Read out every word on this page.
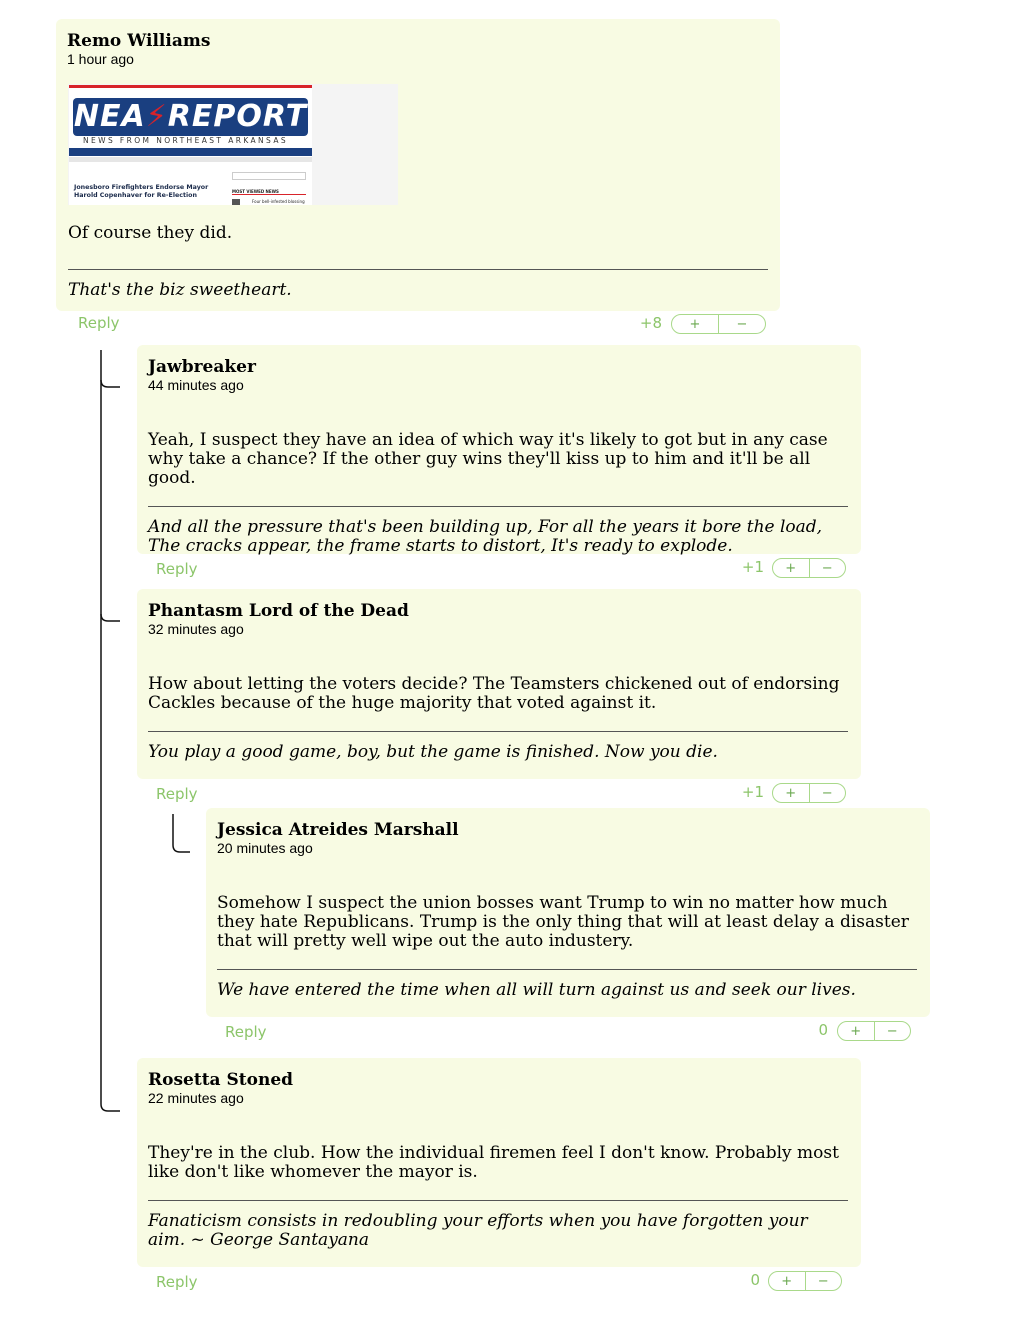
Remo Williams
1 hour ago
NEA⚡REPORT
NEWS FROM NORTHEAST ARKANSAS
Jonesboro Firefighters Endorse Mayor Harold Copenhaver for Re-Election
MOST VIEWED NEWS
Four bell-infested blossing
Of course they did.
That's the biz sweetheart.
Reply	+8	+	−
Jawbreaker
44 minutes ago
Yeah, I suspect they have an idea of which way it's likely to got but in any case why take a chance? If the other guy wins they'll kiss up to him and it'll be all good.
And all the pressure that's been building up, For all the years it bore the load, The cracks appear, the frame starts to distort, It's ready to explode.
Reply	+1	+	−
Phantasm Lord of the Dead
32 minutes ago
How about letting the voters decide? The Teamsters chickened out of endorsing Cackles because of the huge majority that voted against it.
You play a good game, boy, but the game is finished. Now you die.
Reply	+1	+	−
Jessica Atreides Marshall
20 minutes ago
Somehow I suspect the union bosses want Trump to win no matter how much they hate Republicans. Trump is the only thing that will at least delay a disaster that will pretty well wipe out the auto industery.
We have entered the time when all will turn against us and seek our lives.
Reply	0	+	−
Rosetta Stoned
22 minutes ago
They're in the club. How the individual firemen feel I don't know. Probably most like don't like whomever the mayor is.
Fanaticism consists in redoubling your efforts when you have forgotten your aim. ~ George Santayana
Reply	0	+	−
